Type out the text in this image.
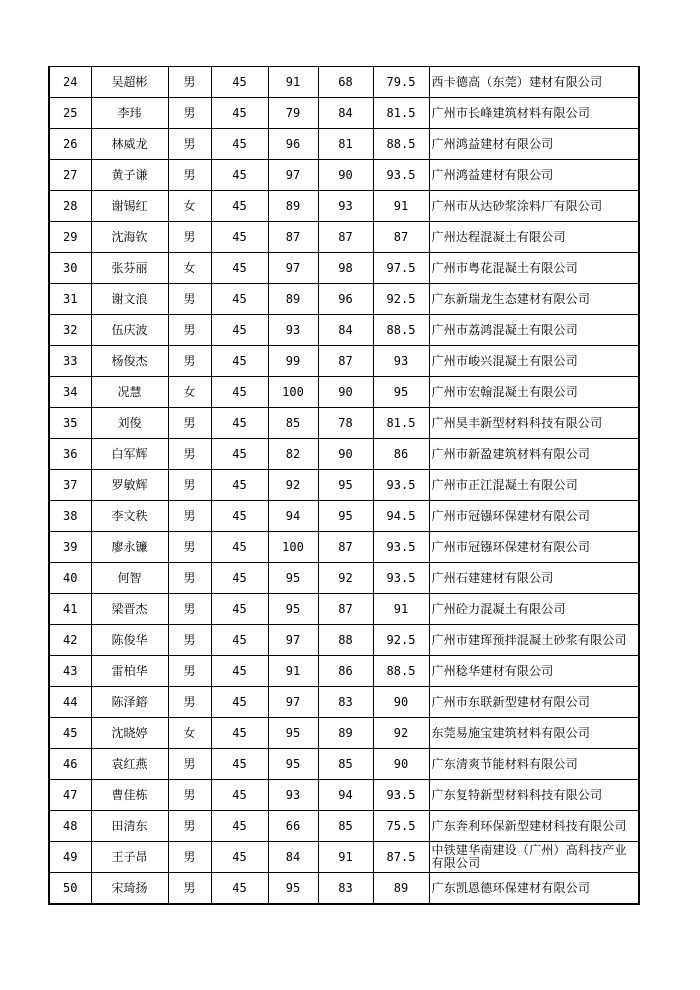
24	吴超彬	男	45	91	68	79.5	西卡德高（东莞）建材有限公司
25	李玮	男	45	79	84	81.5	广州市长峰建筑材料有限公司
26	林威龙	男	45	96	81	88.5	广州鸿益建材有限公司
27	黄子谦	男	45	97	90	93.5	广州鸿益建材有限公司
28	谢锡红	女	45	89	93	91	广州市从达砂浆涂料厂有限公司
29	沈海钦	男	45	87	87	87	广州达程混凝土有限公司
30	张芬丽	女	45	97	98	97.5	广州市粤花混凝土有限公司
31	谢文浪	男	45	89	96	92.5	广东新瑞龙生态建材有限公司
32	伍庆波	男	45	93	84	88.5	广州市荔鸿混凝土有限公司
33	杨俊杰	男	45	99	87	93	广州市峻兴混凝土有限公司
34	况慧	女	45	100	90	95	广州市宏翰混凝土有限公司
35	刘俊	男	45	85	78	81.5	广州昊丰新型材料科技有限公司
36	白军辉	男	45	82	90	86	广州市新盈建筑材料有限公司
37	罗敏辉	男	45	92	95	93.5	广州市正江混凝土有限公司
38	李文秩	男	45	94	95	94.5	广州市冠镪环保建材有限公司
39	廖永镰	男	45	100	87	93.5	广州市冠镪环保建材有限公司
40	何智	男	45	95	92	93.5	广州石建建材有限公司
41	梁晋杰	男	45	95	87	91	广州砼力混凝土有限公司
42	陈俊华	男	45	97	88	92.5	广州市建珲预拌混凝土砂浆有限公司
43	雷柏华	男	45	91	86	88.5	广州稔华建材有限公司
44	陈泽鎔	男	45	97	83	90	广州市东联新型建材有限公司
45	沈晓婷	女	45	95	89	92	东莞易施宝建筑材料有限公司
46	袁红燕	男	45	95	85	90	广东清爽节能材料有限公司
47	曹佳栋	男	45	93	94	93.5	广东复特新型材料科技有限公司
48	田清东	男	45	66	85	75.5	广东奔利环保新型建材科技有限公司
49	王子昂	男	45	84	91	87.5	中铁建华南建设（广州）高科技产业有限公司
50	宋琦扬	男	45	95	83	89	广东凯恩德环保建材有限公司
